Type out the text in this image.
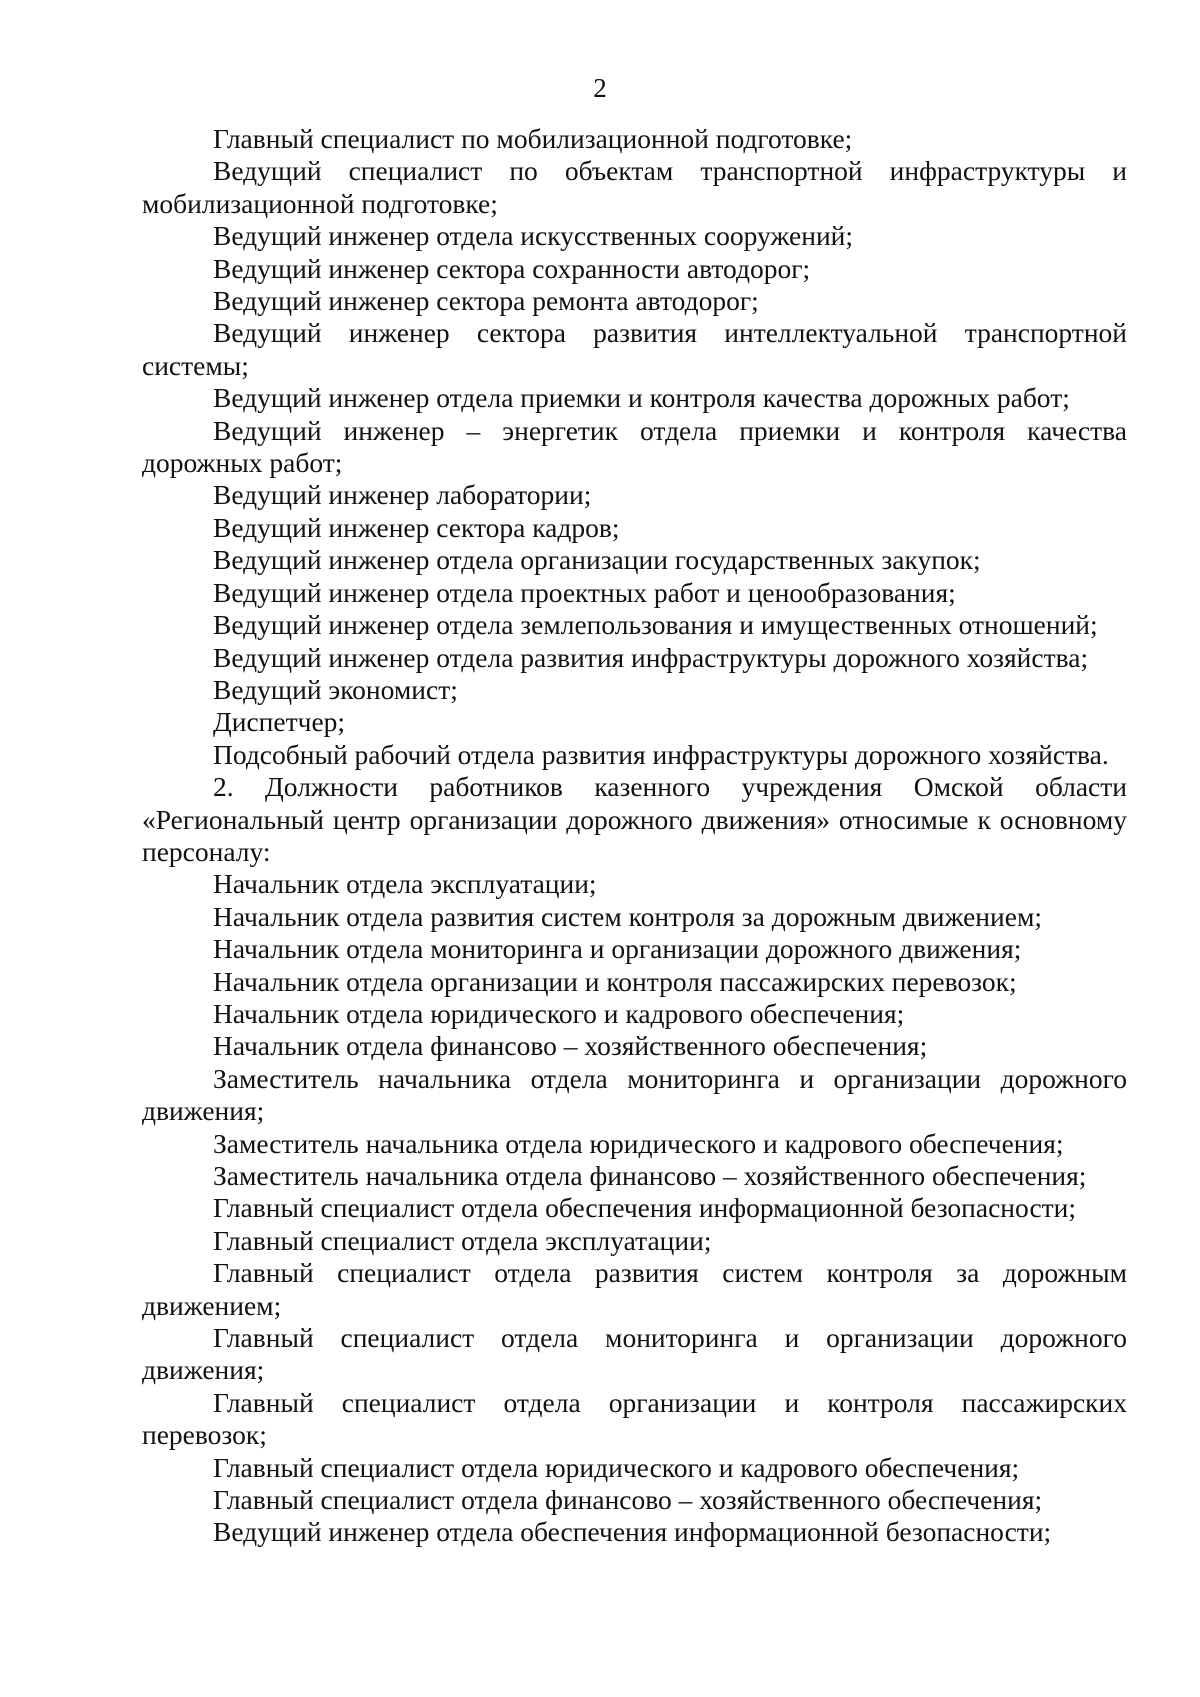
2

Главный специалист по мобилизационной подготовке;

Ведущий специалист по объектам транспортной инфраструктуры и мобилизационной подготовке;

Ведущий инженер отдела искусственных сооружений;

Ведущий инженер сектора сохранности автодорог;

Ведущий инженер сектора ремонта автодорог;

Ведущий инженер сектора развития интеллектуальной транспортной системы;

Ведущий инженер отдела приемки и контроля качества дорожных работ;

Ведущий инженер – энергетик отдела приемки и контроля качества дорожных работ;

Ведущий инженер лаборатории;

Ведущий инженер сектора кадров;

Ведущий инженер отдела организации государственных закупок;

Ведущий инженер отдела проектных работ и ценообразования;

Ведущий инженер отдела землепользования и имущественных отношений;

Ведущий инженер отдела развития инфраструктуры дорожного хозяйства;

Ведущий экономист;

Диспетчер;

Подсобный рабочий отдела развития инфраструктуры дорожного хозяйства.

2. Должности работников казенного учреждения Омской области «Региональный центр организации дорожного движения» относимые к основному персоналу:

Начальник отдела эксплуатации;

Начальник отдела развития систем контроля за дорожным движением;

Начальник отдела мониторинга и организации дорожного движения;

Начальник отдела организации и контроля пассажирских перевозок;

Начальник отдела юридического и кадрового обеспечения;

Начальник отдела финансово – хозяйственного обеспечения;

Заместитель начальника отдела мониторинга и организации дорожного движения;

Заместитель начальника отдела юридического и кадрового обеспечения;

Заместитель начальника отдела финансово – хозяйственного обеспечения;

Главный специалист отдела обеспечения информационной безопасности;

Главный специалист отдела эксплуатации;

Главный специалист отдела развития систем контроля за дорожным движением;

Главный специалист отдела мониторинга и организации дорожного движения;

Главный специалист отдела организации и контроля пассажирских перевозок;

Главный специалист отдела юридического и кадрового обеспечения;

Главный специалист отдела финансово – хозяйственного обеспечения;

Ведущий инженер отдела обеспечения информационной безопасности;
